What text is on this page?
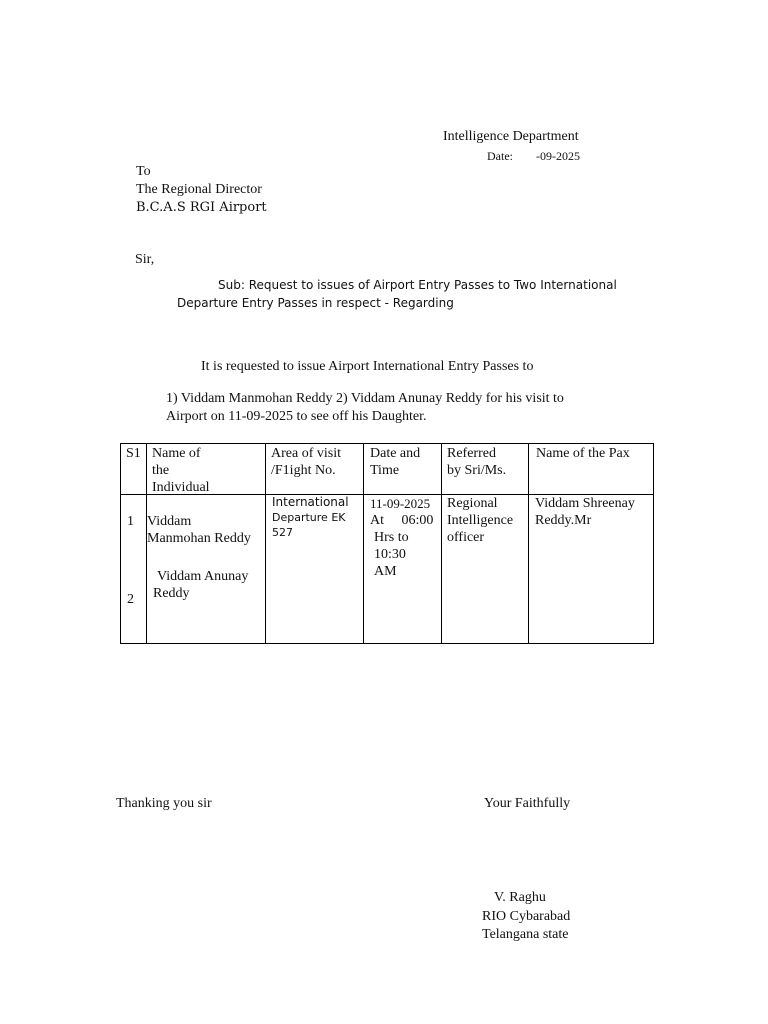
Intelligence Department
Date: -09-2025
To
The Regional Director
B.C.A.S RGI Airport
Sir,
Sub: Request to issues of Airport Entry Passes to Two International
Departure Entry Passes in respect - Regarding
It is requested to issue Airport International Entry Passes to
1) Viddam Manmohan Reddy 2) Viddam Anunay Reddy for his visit to
Airport on 11-09-2025 to see off his Daughter.
S1 Name of
the
Individual
Area of visit
/F1ight No.
Date and
Time
Referred
by Sri/Ms.
Name of the Pax
1
2
Viddam
Manmohan Reddy
Viddam Anunay
Reddy
International
Departure EK
527
11-09-2025
At     06:00
Hrs to
10:30
AM
Regional
Intelligence
officer
Viddam Shreenay
Reddy.Mr
Thanking you sir	Your Faithfully
V. Raghu
RIO Cybarabad
Telangana state
